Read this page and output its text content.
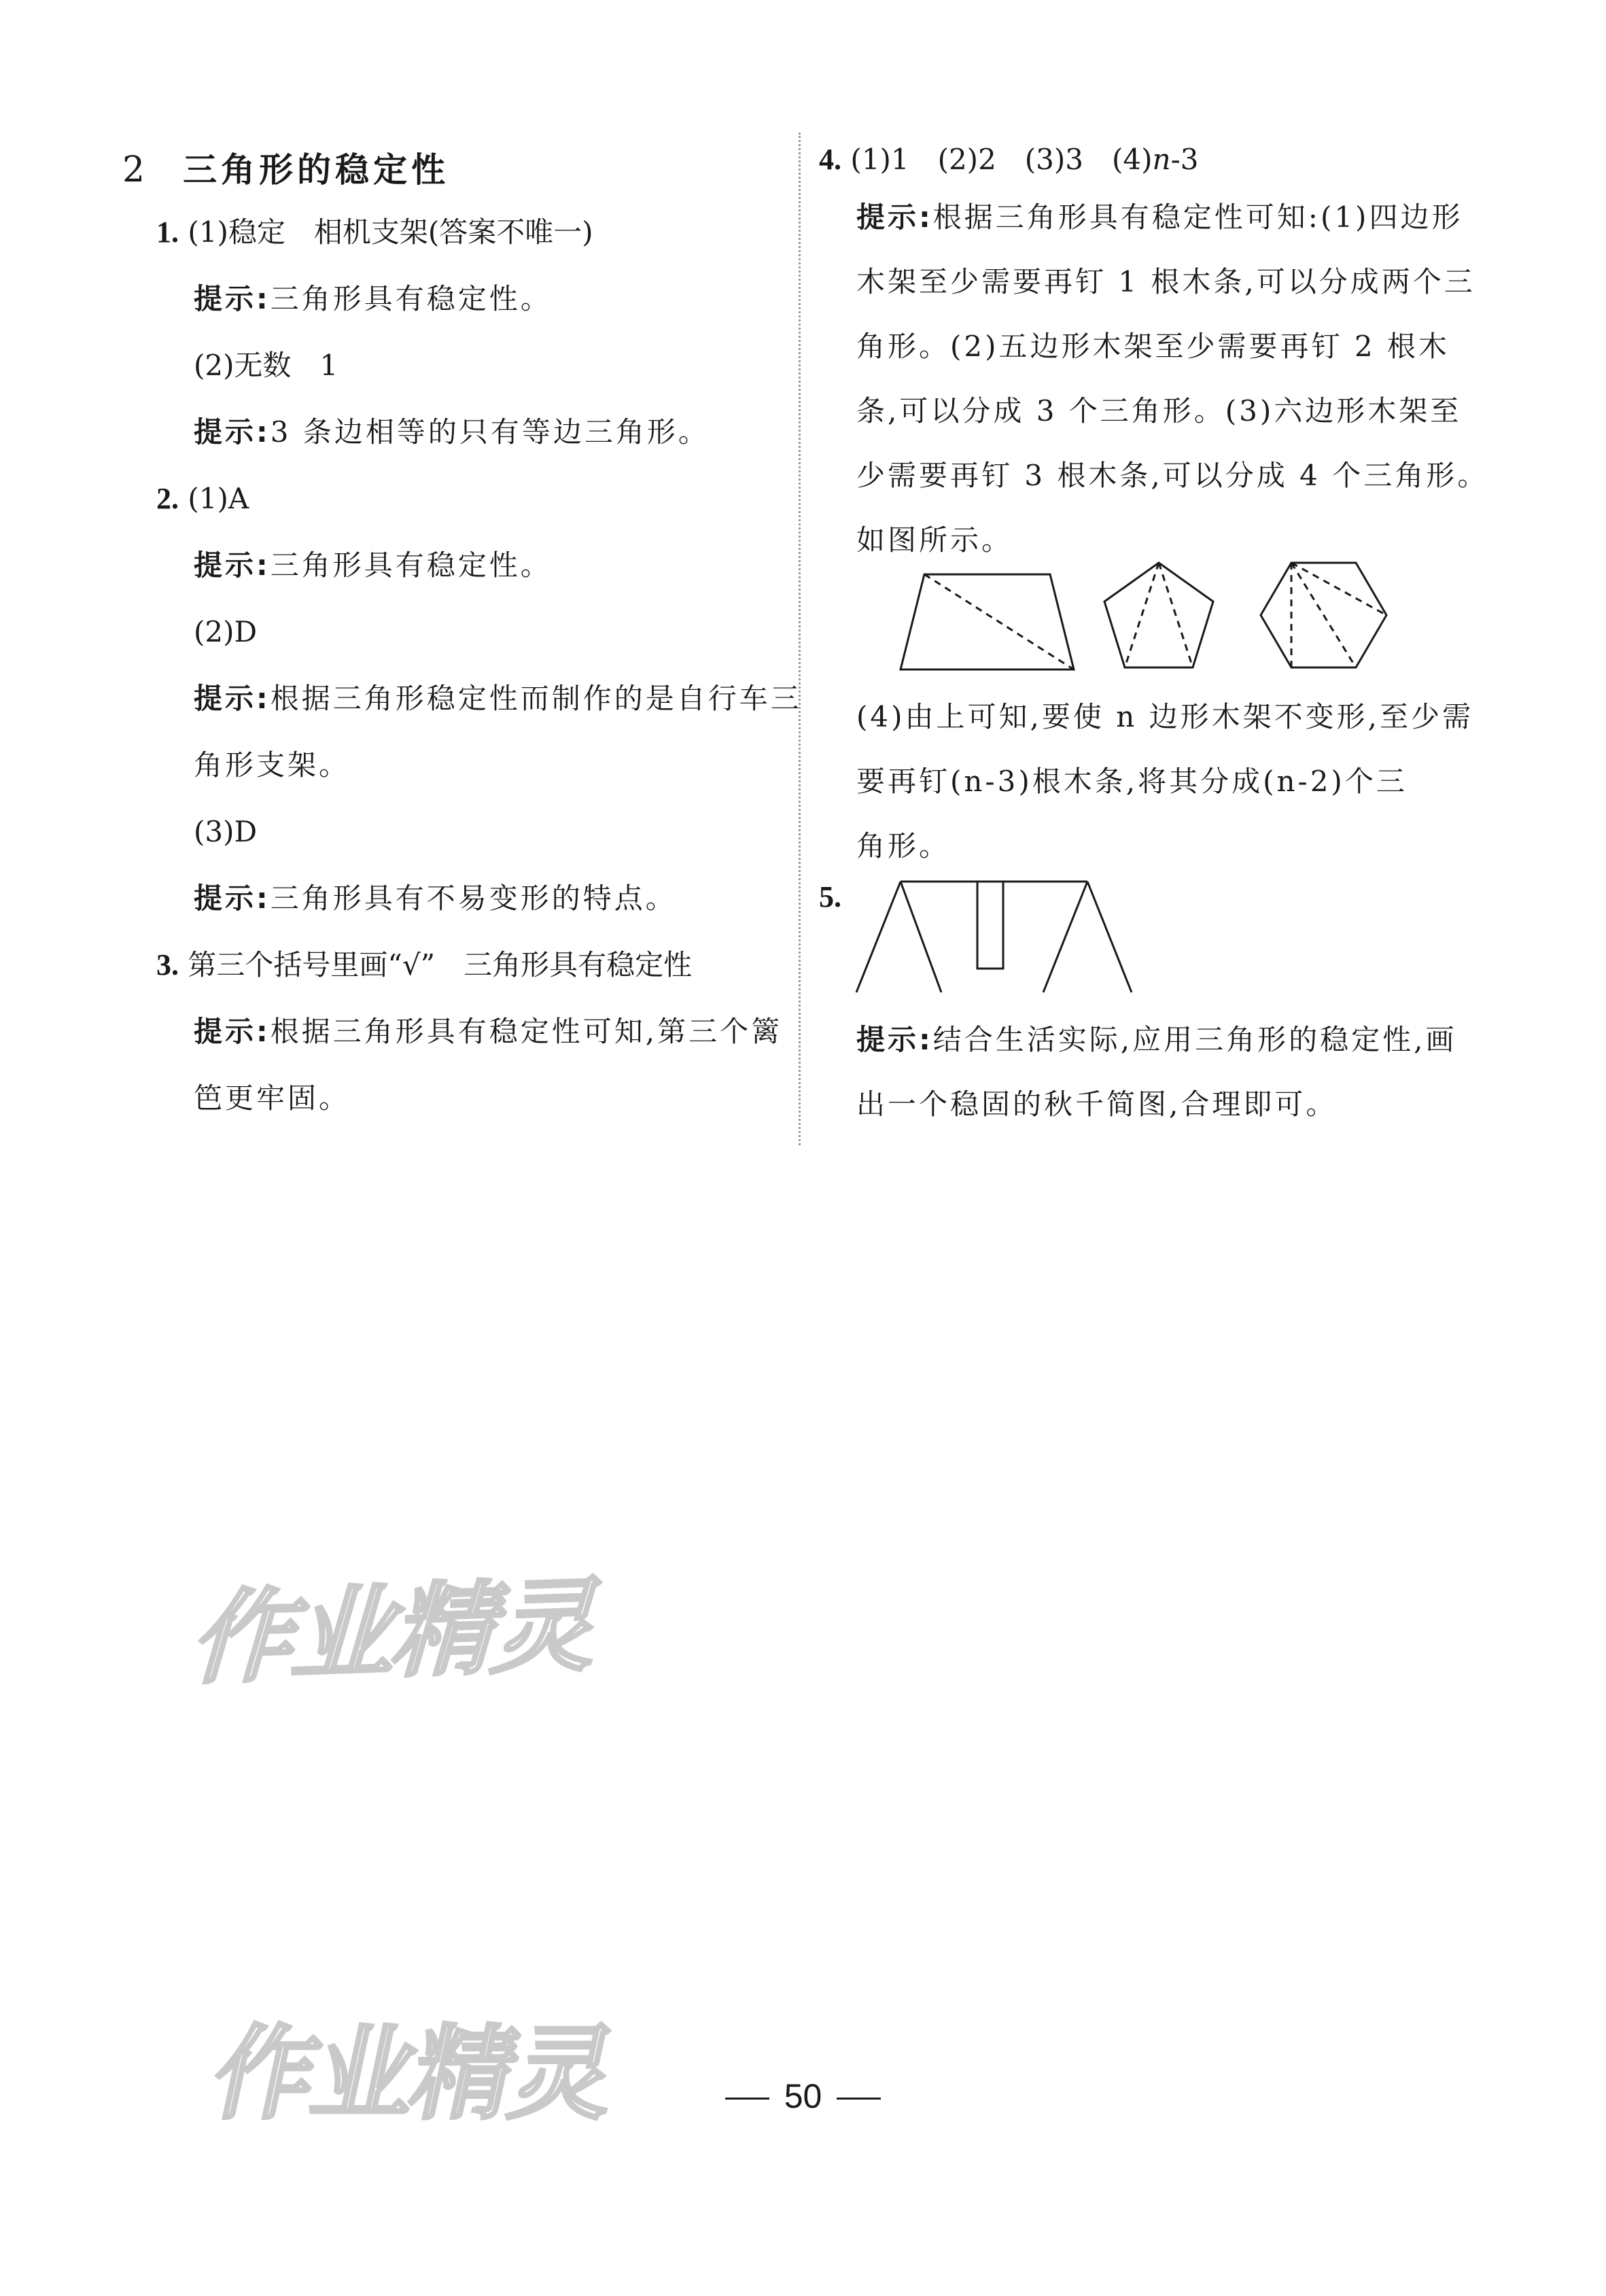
2 三角形的稳定性
1. (1)稳定　相机支架(答案不唯一)
提示:三角形具有稳定性。
(2)无数　1
提示:3 条边相等的只有等边三角形。
2. (1)A
提示:三角形具有稳定性。
(2)D
提示:根据三角形稳定性而制作的是自行车三
角形支架。
(3)D
提示:三角形具有不易变形的特点。
3. 第三个括号里画“√”　三角形具有稳定性
提示:根据三角形具有稳定性可知,第三个篱
笆更牢固。
4. (1)1　(2)2　(3)3　(4)n-3
提示:根据三角形具有稳定性可知:(1)四边形
木架至少需要再钉 1 根木条,可以分成两个三
角形。(2)五边形木架至少需要再钉 2 根木
条,可以分成 3 个三角形。(3)六边形木架至
少需要再钉 3 根木条,可以分成 4 个三角形。
如图所示。
(4)由上可知,要使 n 边形木架不变形,至少需
要再钉(n-3)根木条,将其分成(n-2)个三
角形。
5.
提示:结合生活实际,应用三角形的稳定性,画
出一个稳固的秋千简图,合理即可。
作业精灵
作业精灵	50
